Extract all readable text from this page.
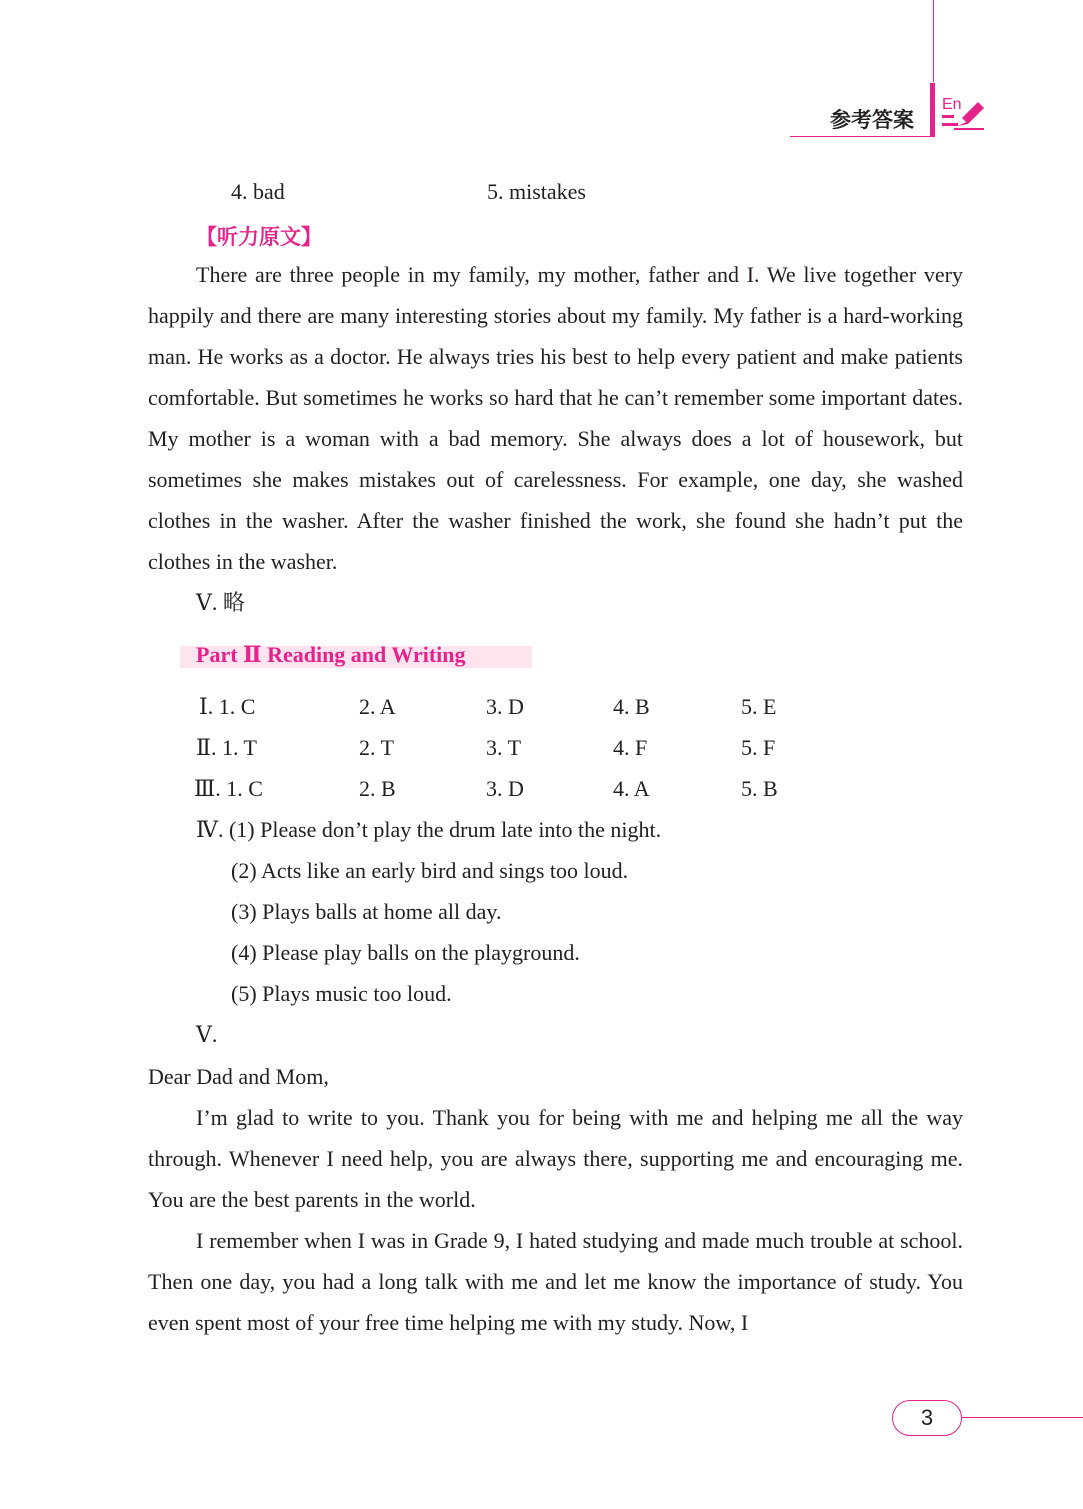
参考答案
En
4. bad	5. mistakes
【听力原文】

There are three people in my family, my mother, father and I. We live together very happily and there are many interesting stories about my family. My father is a hard-working man. He works as a doctor. He always tries his best to help every patient and make patients comfortable. But sometimes he works so hard that he can’t remember some important dates. My mother is a woman with a bad memory. She always does a lot of housework, but sometimes she makes mistakes out of carelessness. For example, one day, she washed clothes in the washer. After the washer finished the work, she found she hadn’t put the clothes in the washer.

Ⅴ. 略
Part Ⅱ Reading and Writing
Ⅰ. 1. C	2. A	3. D	4. B	5. E
Ⅱ. 1. T	2. T	3. T	4. F	5. F
Ⅲ. 1. C	2. B	3. D	4. A	5. B
Ⅳ. (1) Please don’t play the drum late into the night.
(2) Acts like an early bird and sings too loud.
(3) Plays balls at home all day.
(4) Please play balls on the playground.
(5) Plays music too loud.
Ⅴ.
Dear Dad and Mom,

I’m glad to write to you. Thank you for being with me and helping me all the way through. Whenever I need help, you are always there, supporting me and encouraging me. You are the best parents in the world.

I remember when I was in Grade 9, I hated studying and made much trouble at school. Then one day, you had a long talk with me and let me know the importance of study. You even spent most of your free time helping me with my study. Now, I

3
